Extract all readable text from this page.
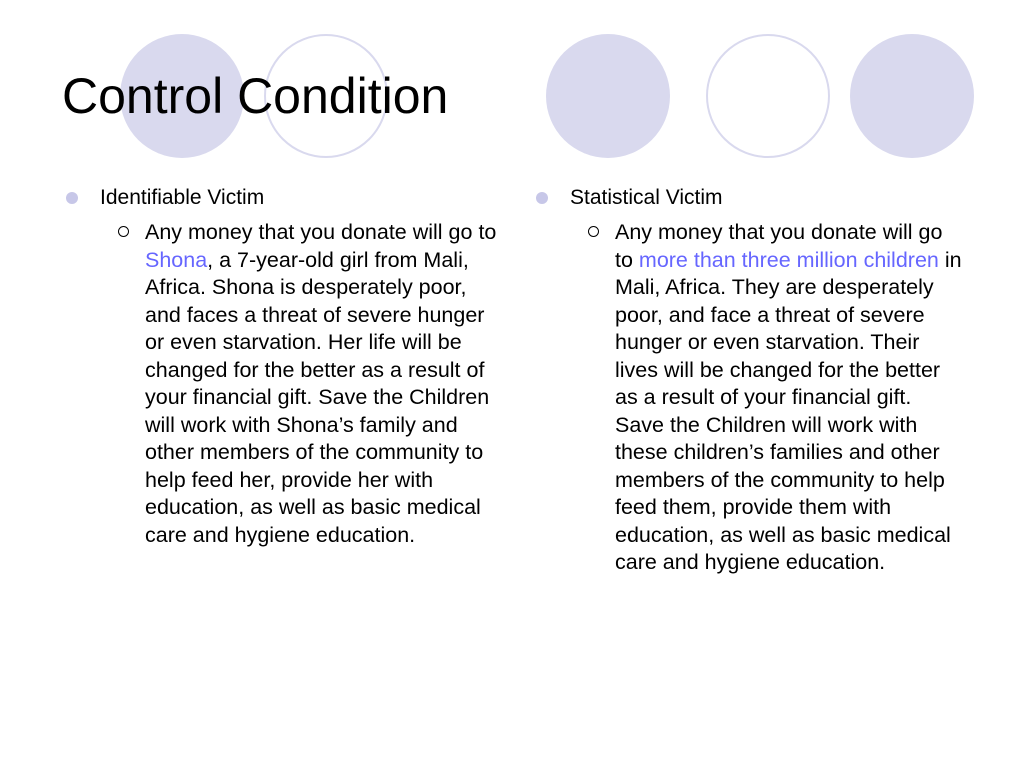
Control Condition
Identifiable Victim
Any money that you donate will go to Shona, a 7-year-old girl from Mali, Africa. Shona is desperately poor, and faces a threat of severe hunger or even starvation. Her life will be changed for the better as a result of your financial gift. Save the Children will work with Shona’s family and other members of the community to help feed her, provide her with education, as well as basic medical care and hygiene education.
Statistical Victim
Any money that you donate will go to more than three million children in Mali, Africa. They are desperately poor, and face a threat of severe hunger or even starvation. Their lives will be changed for the better as a result of your financial gift. Save the Children will work with these children’s families and other members of the community to help feed them, provide them with education, as well as basic medical care and hygiene education.
